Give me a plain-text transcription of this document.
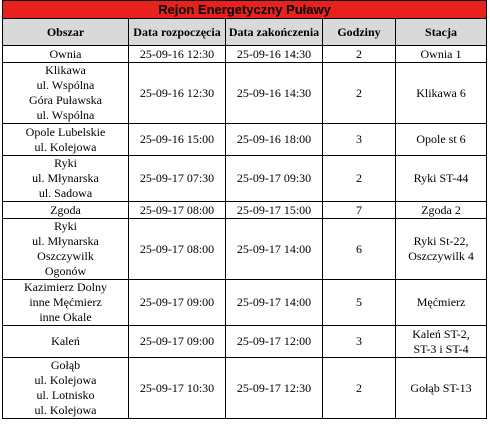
Rejon Energetyczny Puławy				
Obszar	Data rozpoczęcia	Data zakończenia	Godziny	Stacja

Ownia	25-09-16 12:30	25-09-16 14:30	2	Ownia 1

Klikawa
ul. Wspólna
Góra Puławska
ul. Wspólna	25-09-16 12:30	25-09-16 14:30	2	Klikawa 6

Opole Lubelskie
ul. Kolejowa	25-09-16 15:00	25-09-16 18:00	3	Opole st 6

Ryki
ul. Młynarska
ul. Sadowa	25-09-17 07:30	25-09-17 09:30	2	Ryki ST-44

Zgoda	25-09-17 08:00	25-09-17 15:00	7	Zgoda 2

Ryki
ul. Młynarska
Oszczywilk
Ogonów	25-09-17 08:00	25-09-17 14:00	6	Ryki St-22,
Oszczywilk 4

Kazimierz Dolny
inne Męćmierz
inne Okale	25-09-17 09:00	25-09-17 14:00	5	Męćmierz

Kaleń	25-09-17 09:00	25-09-17 12:00	3	Kaleń ST-2,
ST-3 i ST-4

Gołąb
ul. Kolejowa
ul. Lotnisko
ul. Kolejowa	25-09-17 10:30	25-09-17 12:30	2	Gołąb ST-13
